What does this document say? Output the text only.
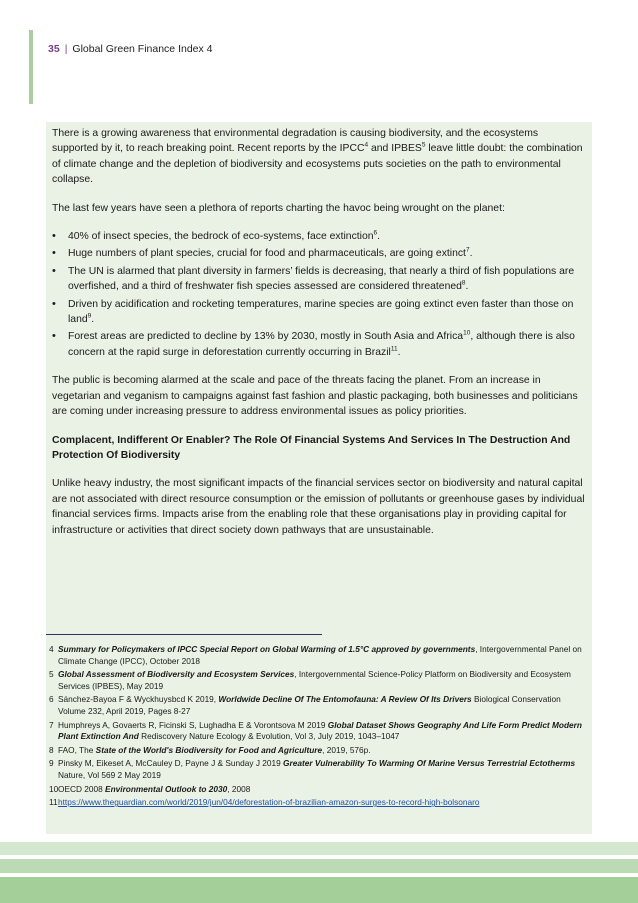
35 | Global Green Finance Index 4

There is a growing awareness that environmental degradation is causing biodiversity, and the ecosystems supported by it, to reach breaking point. Recent reports by the IPCC$^4$ and IPBES$^5$ leave little doubt: the combination of climate change and the depletion of biodiversity and ecosystems puts societies on the path to environmental collapse.

The last few years have seen a plethora of reports charting the havoc being wrought on the planet:

• 40% of insect species, the bedrock of eco-systems, face extinction$^6$.
• Huge numbers of plant species, crucial for food and pharmaceuticals, are going extinct$^7$.
• The UN is alarmed that plant diversity in farmers’ fields is decreasing, that nearly a third of fish populations are overfished, and a third of freshwater fish species assessed are considered threatened$^8$.
• Driven by acidification and rocketing temperatures, marine species are going extinct even faster than those on land$^9$.
• Forest areas are predicted to decline by 13% by 2030, mostly in South Asia and Africa$^{10}$, although there is also concern at the rapid surge in deforestation currently occurring in Brazil$^{11}$.

The public is becoming alarmed at the scale and pace of the threats facing the planet. From an increase in vegetarian and veganism to campaigns against fast fashion and plastic packaging, both businesses and politicians are coming under increasing pressure to address environmental issues as policy priorities.

Complacent, Indifferent Or Enabler? The Role Of Financial Systems And Services In The Destruction And Protection Of Biodiversity

Unlike heavy industry, the most significant impacts of the financial services sector on biodiversity and natural capital are not associated with direct resource consumption or the emission of pollutants or greenhouse gases by individual financial services firms. Impacts arise from the enabling role that these organisations play in providing capital for infrastructure or activities that direct society down pathways that are unsustainable.

4 Summary for Policymakers of IPCC Special Report on Global Warming of 1.5°C approved by governments, Intergovernmental Panel on Climate Change (IPCC), October 2018
5 Global Assessment of Biodiversity and Ecosystem Services, Intergovernmental Science-Policy Platform on Biodiversity and Ecosystem Services (IPBES), May 2019
6 Sánchez-Bayoa F & Wyckhuysbcd K 2019, Worldwide Decline Of The Entomofauna: A Review Of Its Drivers Biological Conservation Volume 232, April 2019, Pages 8-27
7 Humphreys A, Govaerts R, Ficinski S, Lughadha E & Vorontsova M 2019 Global Dataset Shows Geography And Life Form Predict Modern Plant Extinction And Rediscovery Nature Ecology & Evolution, Vol 3, July 2019, 1043–1047
8 FAO, The State of the World's Biodiversity for Food and Agriculture, 2019, 576p.
9 Pinsky M, Eikeset A, McCauley D, Payne J & Sunday J 2019 Greater Vulnerability To Warming Of Marine Versus Terrestrial Ectotherms Nature, Vol 569 2 May 2019
10 OECD 2008 Environmental Outlook to 2030, 2008
11 https://www.theguardian.com/world/2019/jun/04/deforestation-of-brazilian-amazon-surges-to-record-high-bolsonaro
